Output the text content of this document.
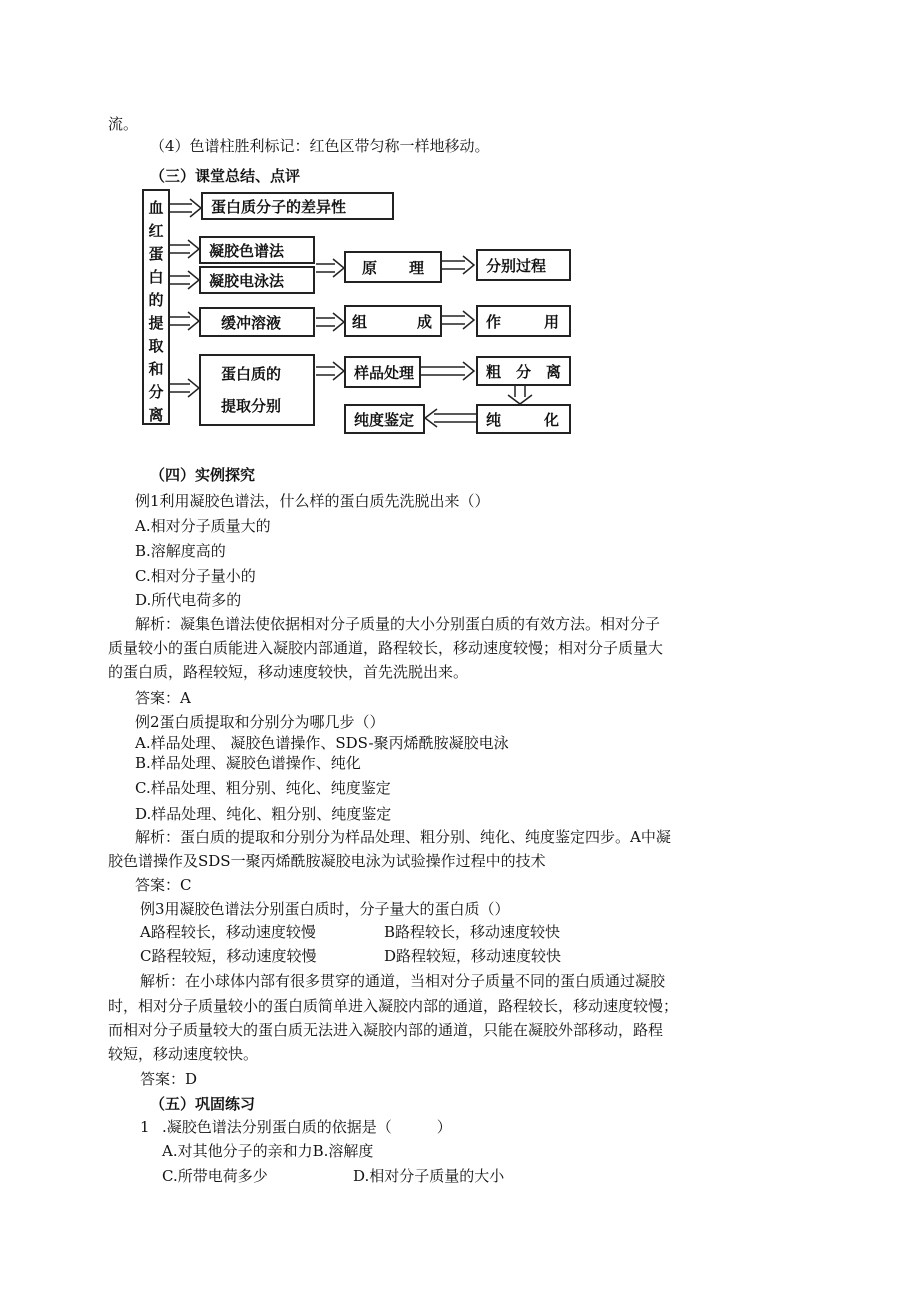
流。
（4）色谱柱胜利标记：红色区带匀称一样地移动。
（三）课堂总结、点评
血
红
蛋
白
的
提
取
和
分
离
蛋白质分子的差异性
凝胶色谱法
凝胶电泳法
原 理	分别过程
缓冲溶液	组	成	作	用
蛋白质的
提取分别
样品处理	粗 分 离
纯度鉴定	纯	化
（四）实例探究
例1利用凝胶色谱法，什么样的蛋白质先洗脱出来（）
A.相对分子质量大的
B.溶解度高的
C.相对分子量小的
D.所代电荷多的
解析：凝集色谱法使依据相对分子质量的大小分别蛋白质的有效方法。相对分子
质量较小的蛋白质能进入凝胶内部通道，路程较长，移动速度较慢；相对分子质量大
的蛋白质，路程较短，移动速度较快，首先洗脱出来。
答案：A
例2蛋白质提取和分别分为哪几步（）
A.样品处理、 凝胶色谱操作、SDS-聚丙烯酰胺凝胶电泳
B.样品处理、凝胶色谱操作、纯化
C.样品处理、粗分别、纯化、纯度鉴定
D.样品处理、纯化、粗分别、纯度鉴定
解析：蛋白质的提取和分别分为样品处理、粗分别、纯化、纯度鉴定四步。A中凝
胶色谱操作及SDS一聚丙烯酰胺凝胶电泳为试验操作过程中的技术
答案：C
例3用凝胶色谱法分别蛋白质时，分子量大的蛋白质（）
A路程较长，移动速度较慢	B路程较长，移动速度较快
C路程较短，移动速度较慢	D路程较短，移动速度较快
解析：在小球体内部有很多贯穿的通道，当相对分子质量不同的蛋白质通过凝胶
时，相对分子质量较小的蛋白质简单进入凝胶内部的通道，路程较长，移动速度较慢；
而相对分子质量较大的蛋白质无法进入凝胶内部的通道，只能在凝胶外部移动，路程
较短，移动速度较快。
答案：D
（五）巩固练习
1 .凝胶色谱法分别蛋白质的依据是（　　　）
A.对其他分子的亲和力B.溶解度
C.所带电荷多少	D.相对分子质量的大小
